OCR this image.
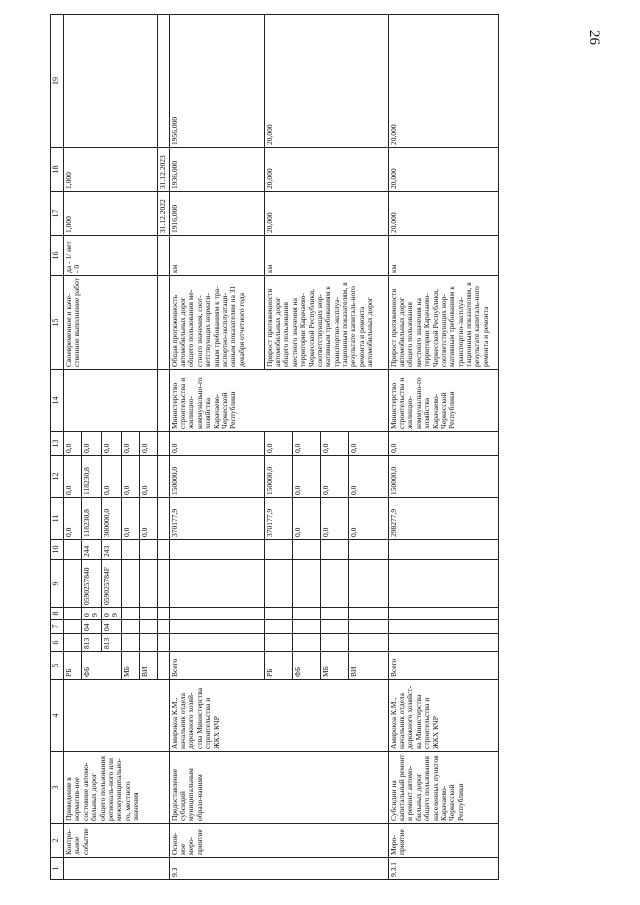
26
1	2	3	4	5	6	7	8	9	10	11	12	13	14	15	16	17	18	19
	Контро-льное событие	Приведение в норматив-ное состояние автомо-бильных дорог общего пользования региональ-ного или межмуниципально-го, местного значения		РБ						0,0	0,0	0,0		Своевременное и каче-ственное выполнение работ	да - 1/ нет - 0	1,000	1,000	
				ФБ	813	04	09	0590257840	244	118230,8	118230,8	0,0						
					813	04	09	059025784F	243	300000,0	0,0	0,0						
				МБ						0,0	0,0	0,0						
				ВИ						0,0	0,0	0,0						
																31.12.2022	31.12.2023	
9.3	Основ-ное меро-приятие	Предоставление субсидий муниципальным образо-ваниям	Амирокоа К.М., начальник отдела дорожного хозяй-ства Министерства строительства и ЖКХ КЧР	Всего						370177,9	150000,0	0,0	Министерство строительства и жилищно-коммунально-го хозяйства Карачаево-Черкесской Республики	Общая протяженность автомобильных дорог общего пользования ме-стного значения, соот-ветствующих нормати-вным требованиям к тра-нспортно-эксплуатаци-онным показателям на 31 декабря отчетного года	км	1916,000	1936,000	1956,000
				РБ						370177,9	150000,0	0,0		Прирост протяженности автомобильных дорог общего пользования местного значения на территории Карачаево-Черкесской Республики, соответствующих нор-мативным требованиям к транспортно-эксплуа-тационным показателям, в результате капиталь-ного ремонта и ремонта автомобильных дорог	км	20,000	20,000	20,000
				ФБ						0,0	0,0	0,0						
				МБ						0,0	0,0	0,0						
				ВИ						0,0	0,0	0,0						
9.3.1	Меро-приятие	Субсидии на капитальный ремонт и ремонт автомо-бильных дорог общего пользования населенных пунктов Карачаево-Черкесской Республики	Амирокоа К.М., начальник отдела дорожного хозяйст-ва Министерства строительства и ЖКХ КЧР	Всего						298277,9	150000,0	0,0	Министерство строительства и жилищно-коммунально-го хозяйства Карачаево-Черкесской Республики	Прирост протяженности автомобильных дорог общего пользования местного значения на территории Карачаево-Черкесской Республики, соответствующих нор-мативным требованиям к транспортно-эксплуа-тационным показателям, в результате капиталь-ного ремонта и ремонта	км	20,000	20,000	20,000
